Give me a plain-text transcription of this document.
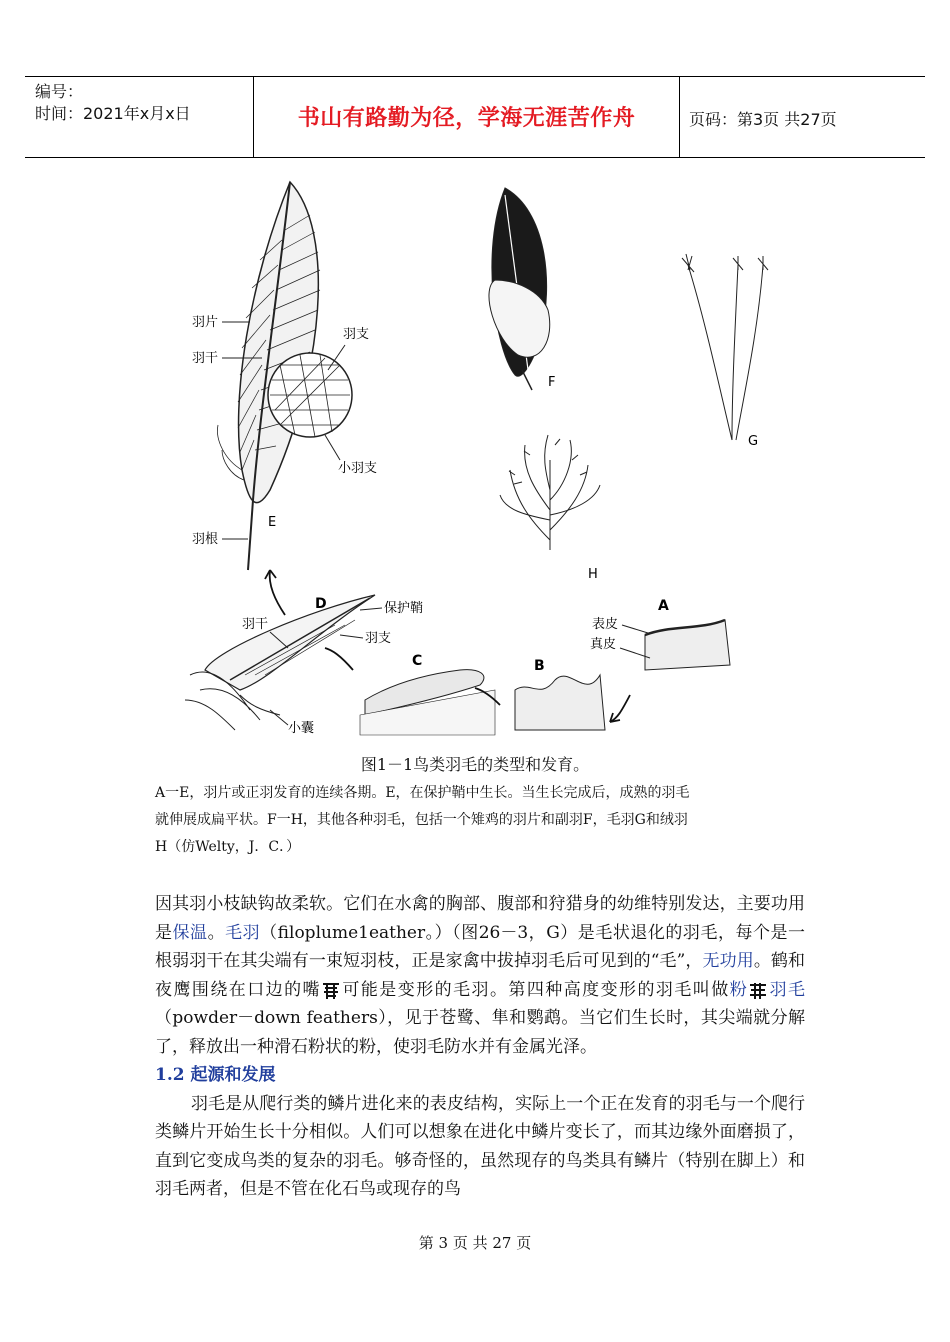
编号：
时间：2021年x月x日	书山有路勤为径，学海无涯苦作舟	页码：第3页 共27页
羽片
羽干
羽支
小羽支
E
羽根
F
G
H
D	保护鞘
羽干
羽支
小囊
C	B
A
表皮
真皮
图1－1鸟类羽毛的类型和发育。

A一E，羽片或正羽发育的连续各期。E，在保护鞘中生长。当生长完成后，成熟的羽毛

就伸展成扁平状。F一H，其他各种羽毛，包括一个雉鸡的羽片和副羽F，毛羽G和绒羽

H（仿Welty，J．C．）

因其羽小枝缺钩故柔软。它们在水禽的胸部、腹部和狩猎身的幼维特别发达，主要功用是保温。毛羽（filoplume1eather。）（图26－3，G）是毛状退化的羽毛，每个是一根弱羽干在其尖端有一束短羽枝，正是家禽中拔掉羽毛后可见到的“毛”，无功用。鹤和夜鹰围绕在口边的嘴 可能是变形的毛羽。第四种高度变形的羽毛叫做粉 羽毛（powder－down feathers），见于苍鹭、隼和鹦鹉。当它们生长时，其尖端就分解了，释放出一种滑石粉状的粉，使羽毛防水并有金属光泽。

1.2 起源和发展

羽毛是从爬行类的鳞片进化来的表皮结构，实际上一个正在发育的羽毛与一个爬行类鳞片开始生长十分相似。人们可以想象在进化中鳞片变长了，而其边缘外面磨损了，直到它变成鸟类的复杂的羽毛。够奇怪的，虽然现存的鸟类具有鳞片（特别在脚上）和羽毛两者，但是不管在化石鸟或现存的鸟

第 3 页 共 27 页
